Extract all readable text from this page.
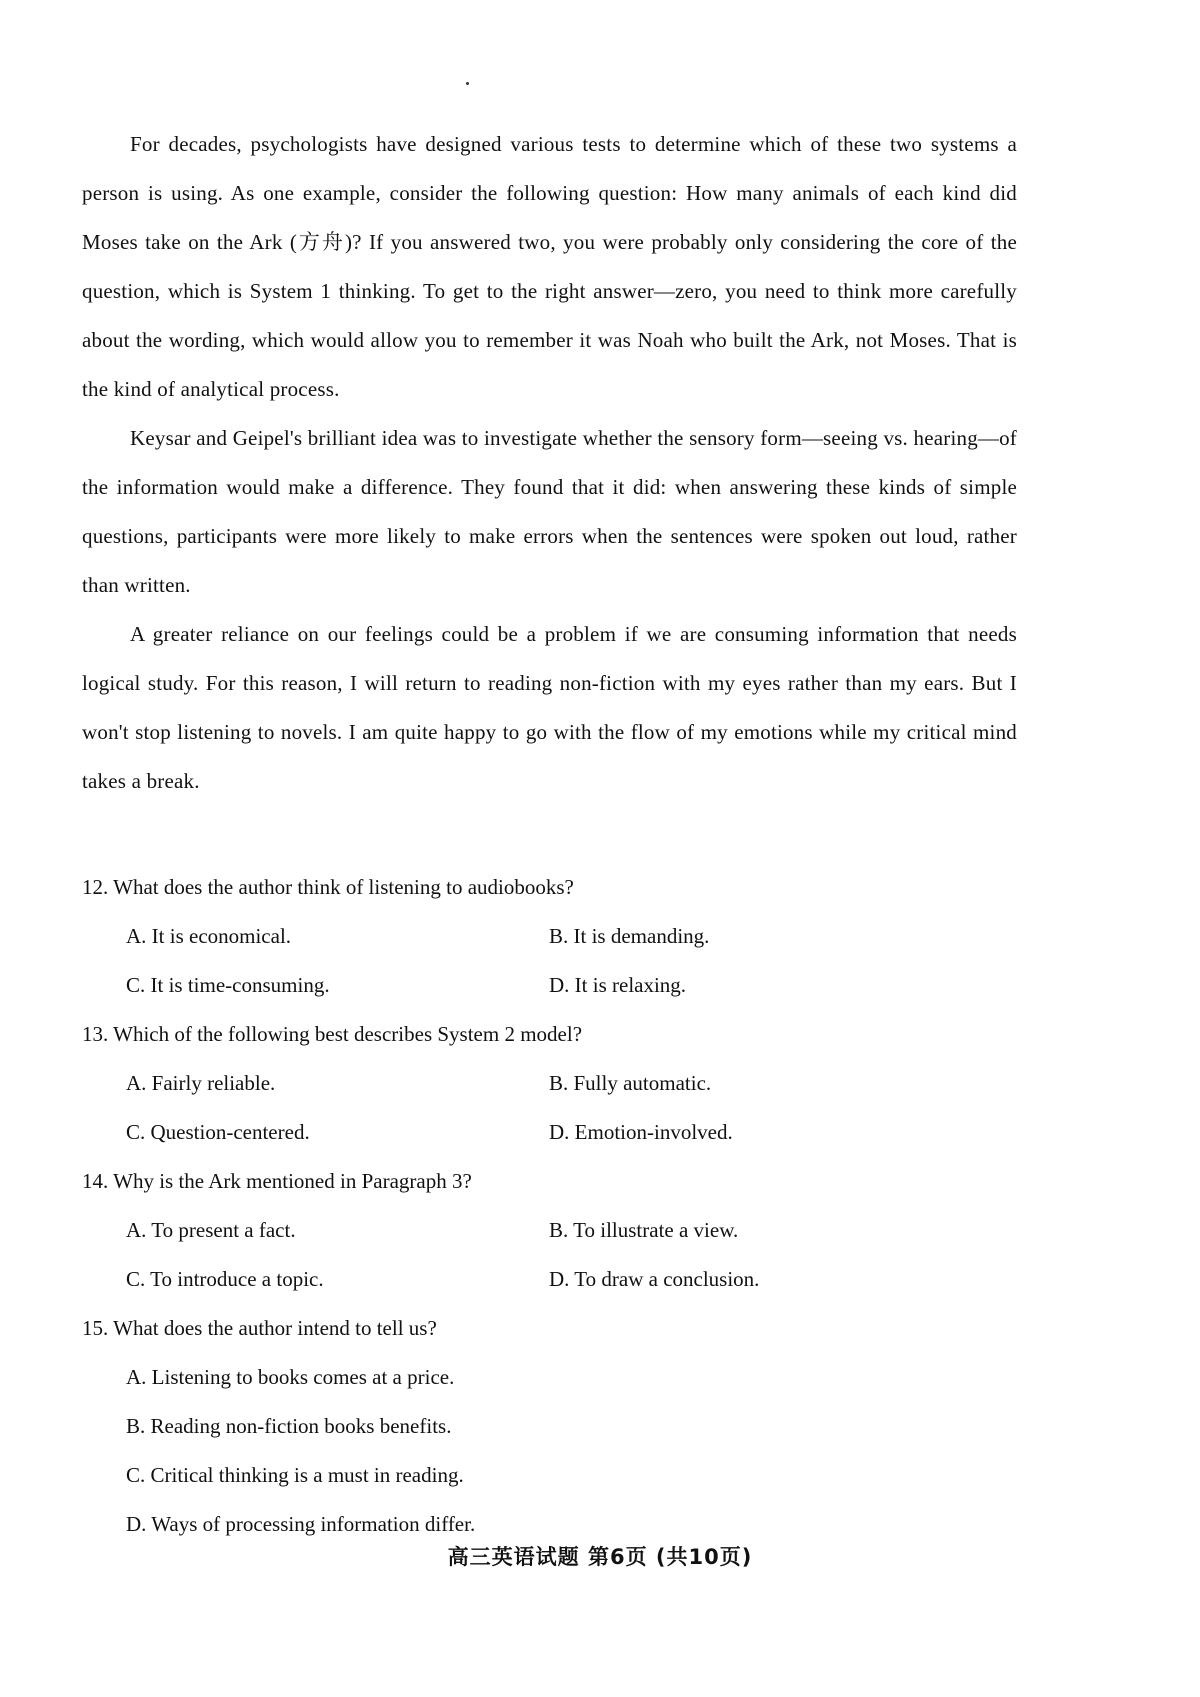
For decades, psychologists have designed various tests to determine which of these two systems a person is using. As one example, consider the following question: How many animals of each kind did Moses take on the Ark (方舟)? If you answered two, you were probably only considering the core of the question, which is System 1 thinking. To get to the right answer—zero, you need to think more carefully about the wording, which would allow you to remember it was Noah who built the Ark, not Moses. That is the kind of analytical process.

Keysar and Geipel's brilliant idea was to investigate whether the sensory form—seeing vs. hearing—of the information would make a difference. They found that it did: when answering these kinds of simple questions, participants were more likely to make errors when the sentences were spoken out loud, rather than written.

A greater reliance on our feelings could be a problem if we are consuming information that needs logical study. For this reason, I will return to reading non-fiction with my eyes rather than my ears. But I won't stop listening to novels. I am quite happy to go with the flow of my emotions while my critical mind takes a break.

12. What does the author think of listening to audiobooks?

A. It is economical.	B. It is demanding.
C. It is time-consuming.	D. It is relaxing.

13. Which of the following best describes System 2 model?

A. Fairly reliable.	B. Fully automatic.
C. Question-centered.	D. Emotion-involved.

14. Why is the Ark mentioned in Paragraph 3?

A. To present a fact.	B. To illustrate a view.
C. To introduce a topic.	D. To draw a conclusion.

15. What does the author intend to tell us?

A. Listening to books comes at a price.
B. Reading non-fiction books benefits.
C. Critical thinking is a must in reading.
D. Ways of processing information differ.
高三英语试题 第6页 (共10页)
